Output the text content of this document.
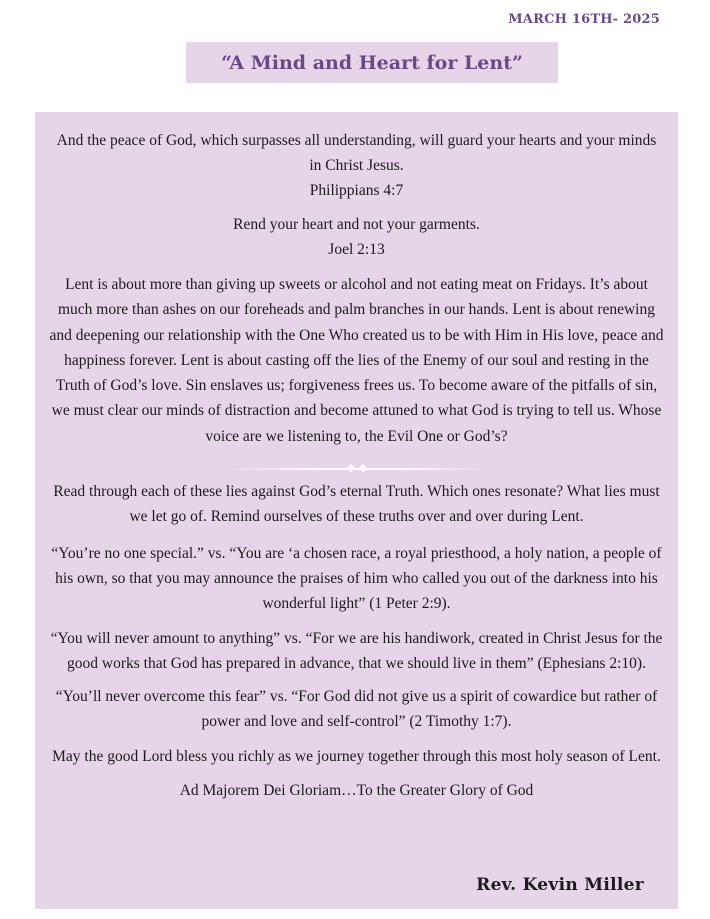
MARCH 16TH- 2025
“A Mind and Heart for Lent”

And the peace of God, which surpasses all understanding, will guard your hearts and your minds in Christ Jesus.

Philippians 4:7

Rend your heart and not your garments.

Joel 2:13

Lent is about more than giving up sweets or alcohol and not eating meat on Fridays. It’s about much more than ashes on our foreheads and palm branches in our hands. Lent is about renewing and deepening our relationship with the One Who created us to be with Him in His love, peace and happiness forever. Lent is about casting off the lies of the Enemy of our soul and resting in the Truth of God’s love. Sin enslaves us; forgiveness frees us. To become aware of the pitfalls of sin, we must clear our minds of distraction and become attuned to what God is trying to tell us. Whose voice are we listening to, the Evil One or God’s?

Read through each of these lies against God’s eternal Truth. Which ones resonate? What lies must we let go of. Remind ourselves of these truths over and over during Lent.

“You’re no one special.” vs. “You are ‘a chosen race, a royal priesthood, a holy nation, a people of his own, so that you may announce the praises of him who called you out of the darkness into his wonderful light” (1 Peter 2:9).

“You will never amount to anything” vs. “For we are his handiwork, created in Christ Jesus for the good works that God has prepared in advance, that we should live in them” (Ephesians 2:10).

“You’ll never overcome this fear” vs. “For God did not give us a spirit of cowardice but rather of power and love and self-control” (2 Timothy 1:7).

May the good Lord bless you richly as we journey together through this most holy season of Lent.

Ad Majorem Dei Gloriam…To the Greater Glory of God

Rev. Kevin Miller
